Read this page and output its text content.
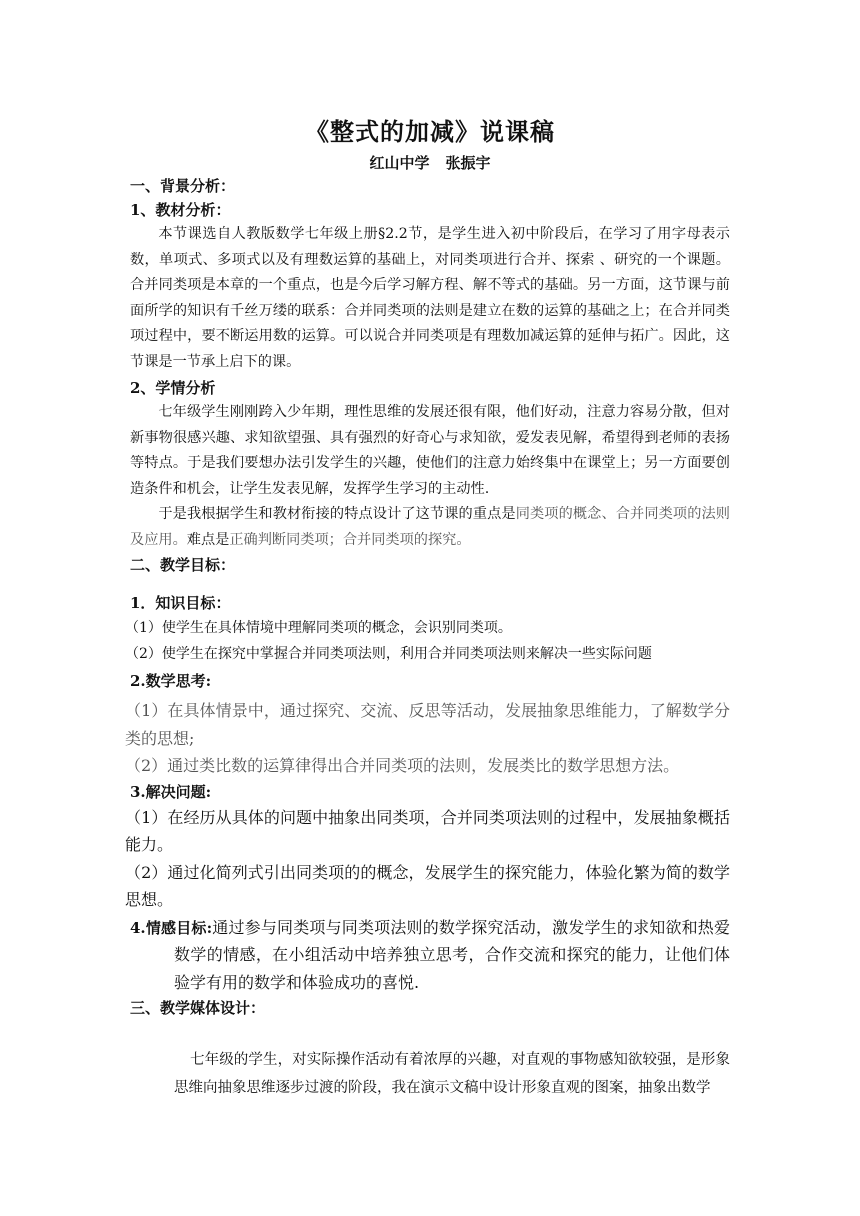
《整式的加减》说课稿
红山中学 张振宇
一、背景分析：
1、教材分析：
本节课选自人教版数学七年级上册§2.2节，是学生进入初中阶段后，在学习了用字母表示数，单项式、多项式以及有理数运算的基础上，对同类项进行合并、探索 、研究的一个课题。合并同类项是本章的一个重点，也是今后学习解方程、解不等式的基础。另一方面，这节课与前面所学的知识有千丝万缕的联系：合并同类项的法则是建立在数的运算的基础之上；在合并同类项过程中，要不断运用数的运算。可以说合并同类项是有理数加减运算的延伸与拓广。因此，这节课是一节承上启下的课。
2、学情分析
七年级学生刚刚跨入少年期，理性思维的发展还很有限，他们好动，注意力容易分散，但对新事物很感兴趣、求知欲望强、具有强烈的好奇心与求知欲，爱发表见解，希望得到老师的表扬等特点。于是我们要想办法引发学生的兴趣，使他们的注意力始终集中在课堂上；另一方面要创造条件和机会，让学生发表见解，发挥学生学习的主动性.
于是我根据学生和教材衔接的特点设计了这节课的重点是同类项的概念、合并同类项的法则及应用。难点是正确判断同类项；合并同类项的探究。
二、教学目标：
1．知识目标：
（1）使学生在具体情境中理解同类项的概念，会识别同类项。
（2）使学生在探究中掌握合并同类项法则，利用合并同类项法则来解决一些实际问题
2.数学思考:
（1）在具体情景中，通过探究、交流、反思等活动，发展抽象思维能力，了解数学分类的思想;
（2）通过类比数的运算律得出合并同类项的法则，发展类比的数学思想方法。
3.解决问题:
（1）在经历从具体的问题中抽象出同类项，合并同类项法则的过程中，发展抽象概括能力。
（2）通过化简列式引出同类项的的概念，发展学生的探究能力，体验化繁为简的数学思想。
4.情感目标:通过参与同类项与同类项法则的数学探究活动，激发学生的求知欲和热爱数学的情感，在小组活动中培养独立思考，合作交流和探究的能力，让他们体验学有用的数学和体验成功的喜悦.
三、教学媒体设计：
七年级的学生，对实际操作活动有着浓厚的兴趣，对直观的事物感知欲较强，是形象思维向抽象思维逐步过渡的阶段，我在演示文稿中设计形象直观的图案，抽象出数学
